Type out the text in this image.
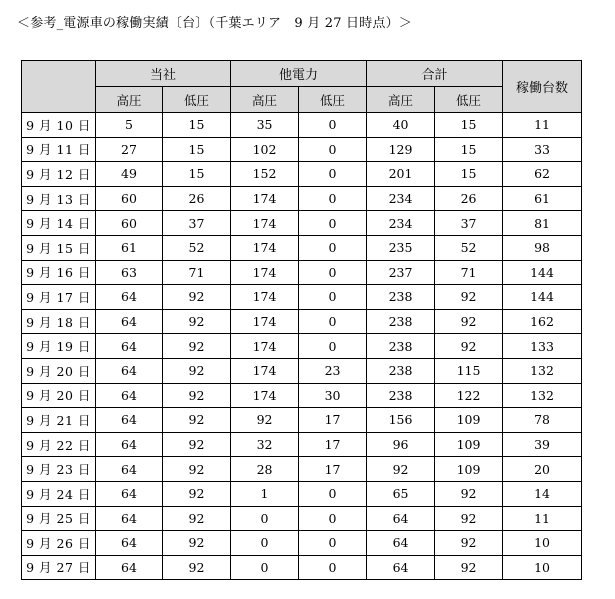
＜参考_電源車の稼働実績〔台〕（千葉エリア　9 月 27 日時点）＞
	当社		他電力		合計		稼働台数
	高圧	低圧	高圧	低圧	高圧	低圧	
9 月 10 日	5	15	35	0	40	15	11
9 月 11 日	27	15	102	0	129	15	33
9 月 12 日	49	15	152	0	201	15	62
9 月 13 日	60	26	174	0	234	26	61
9 月 14 日	60	37	174	0	234	37	81
9 月 15 日	61	52	174	0	235	52	98
9 月 16 日	63	71	174	0	237	71	144
9 月 17 日	64	92	174	0	238	92	144
9 月 18 日	64	92	174	0	238	92	162
9 月 19 日	64	92	174	0	238	92	133
9 月 20 日	64	92	174	23	238	115	132
9 月 20 日	64	92	174	30	238	122	132
9 月 21 日	64	92	92	17	156	109	78
9 月 22 日	64	92	32	17	96	109	39
9 月 23 日	64	92	28	17	92	109	20
9 月 24 日	64	92	1	0	65	92	14
9 月 25 日	64	92	0	0	64	92	11
9 月 26 日	64	92	0	0	64	92	10
9 月 27 日	64	92	0	0	64	92	10
